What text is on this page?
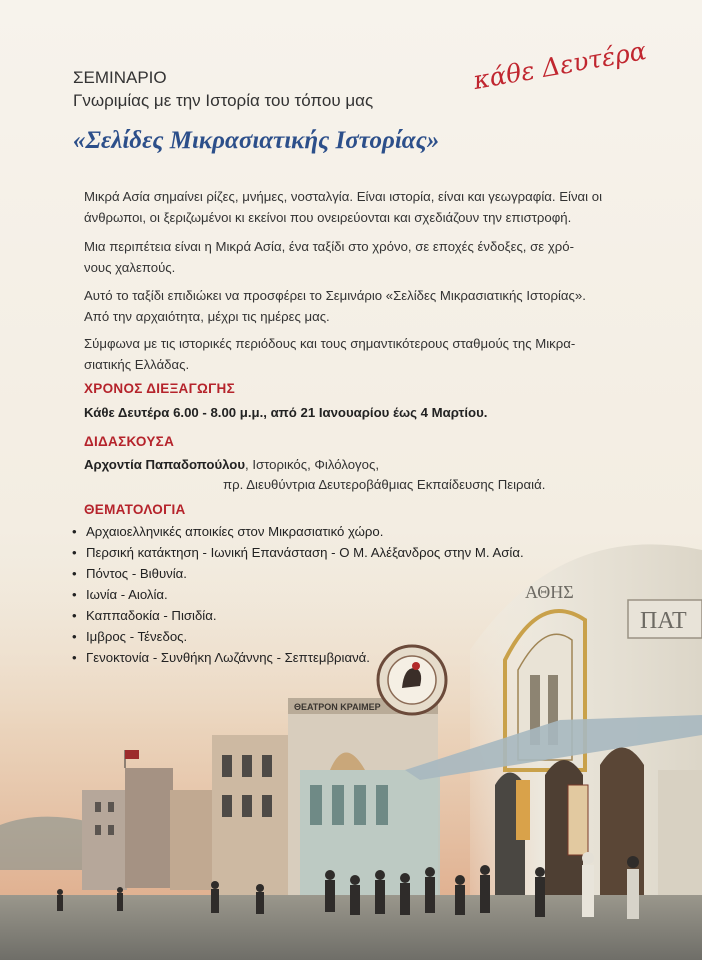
ΣΕΜΙΝΑΡΙΟ
Γνωριμίας με την Ιστορία του τόπου μας
κάθε Δευτέρα
«Σελίδες Μικρασιατικής Ιστορίας»
Μικρά Ασία σημαίνει ρίζες, μνήμες, νοσταλγία. Είναι ιστορία, είναι και γεωγραφία. Είναι οι
άνθρωποι, οι ξεριζωμένοι κι εκείνοι που ονειρεύονται και σχεδιάζουν την επιστροφή.
Μια περιπέτεια είναι η Μικρά Ασία, ένα ταξίδι στο χρόνο, σε εποχές ένδοξες, σε χρό-
νους χαλεπούς.
Αυτό το ταξίδι επιδιώκει να προσφέρει το Σεμινάριο «Σελίδες Μικρασιατικής Ιστορίας».
Από την αρχαιότητα, μέχρι τις ημέρες μας.
Σύμφωνα με τις ιστορικές περιόδους και τους σημαντικότερους σταθμούς της Μικρα-
σιατικής Ελλάδας.
ΧΡΟΝΟΣ ΔΙΕΞΑΓΩΓΗΣ
Κάθε Δευτέρα 6.00 - 8.00 μ.μ., από 21 Ιανουαρίου έως 4 Μαρτίου.
ΔΙΔΑΣΚΟΥΣΑ
Αρχοντία Παπαδοπούλου, Ιστορικός, Φιλόλογος,
πρ. Διευθύντρια Δευτεροβάθμιας Εκπαίδευσης Πειραιά.
ΘΕΜΑΤΟΛΟΓΙΑ
ΘΕΑΤΡΟΝ ΚΡΑΙΜΕΡ
ΑΘΗΣ
ΠΑΤ
• Αρχαιοελληνικές αποικίες στον Μικρασιατικό χώρο.
• Περσική κατάκτηση - Ιωνική Επανάσταση - Ο Μ. Αλέξανδρος στην Μ. Ασία.
• Πόντος - Βιθυνία.
• Ιωνία - Αιολία.
• Καππαδοκία - Πισιδία.
• Ιμβρος - Τένεδος.
• Γενοκτονία - Συνθήκη Λωζάννης - Σεπτεμβριανά.
